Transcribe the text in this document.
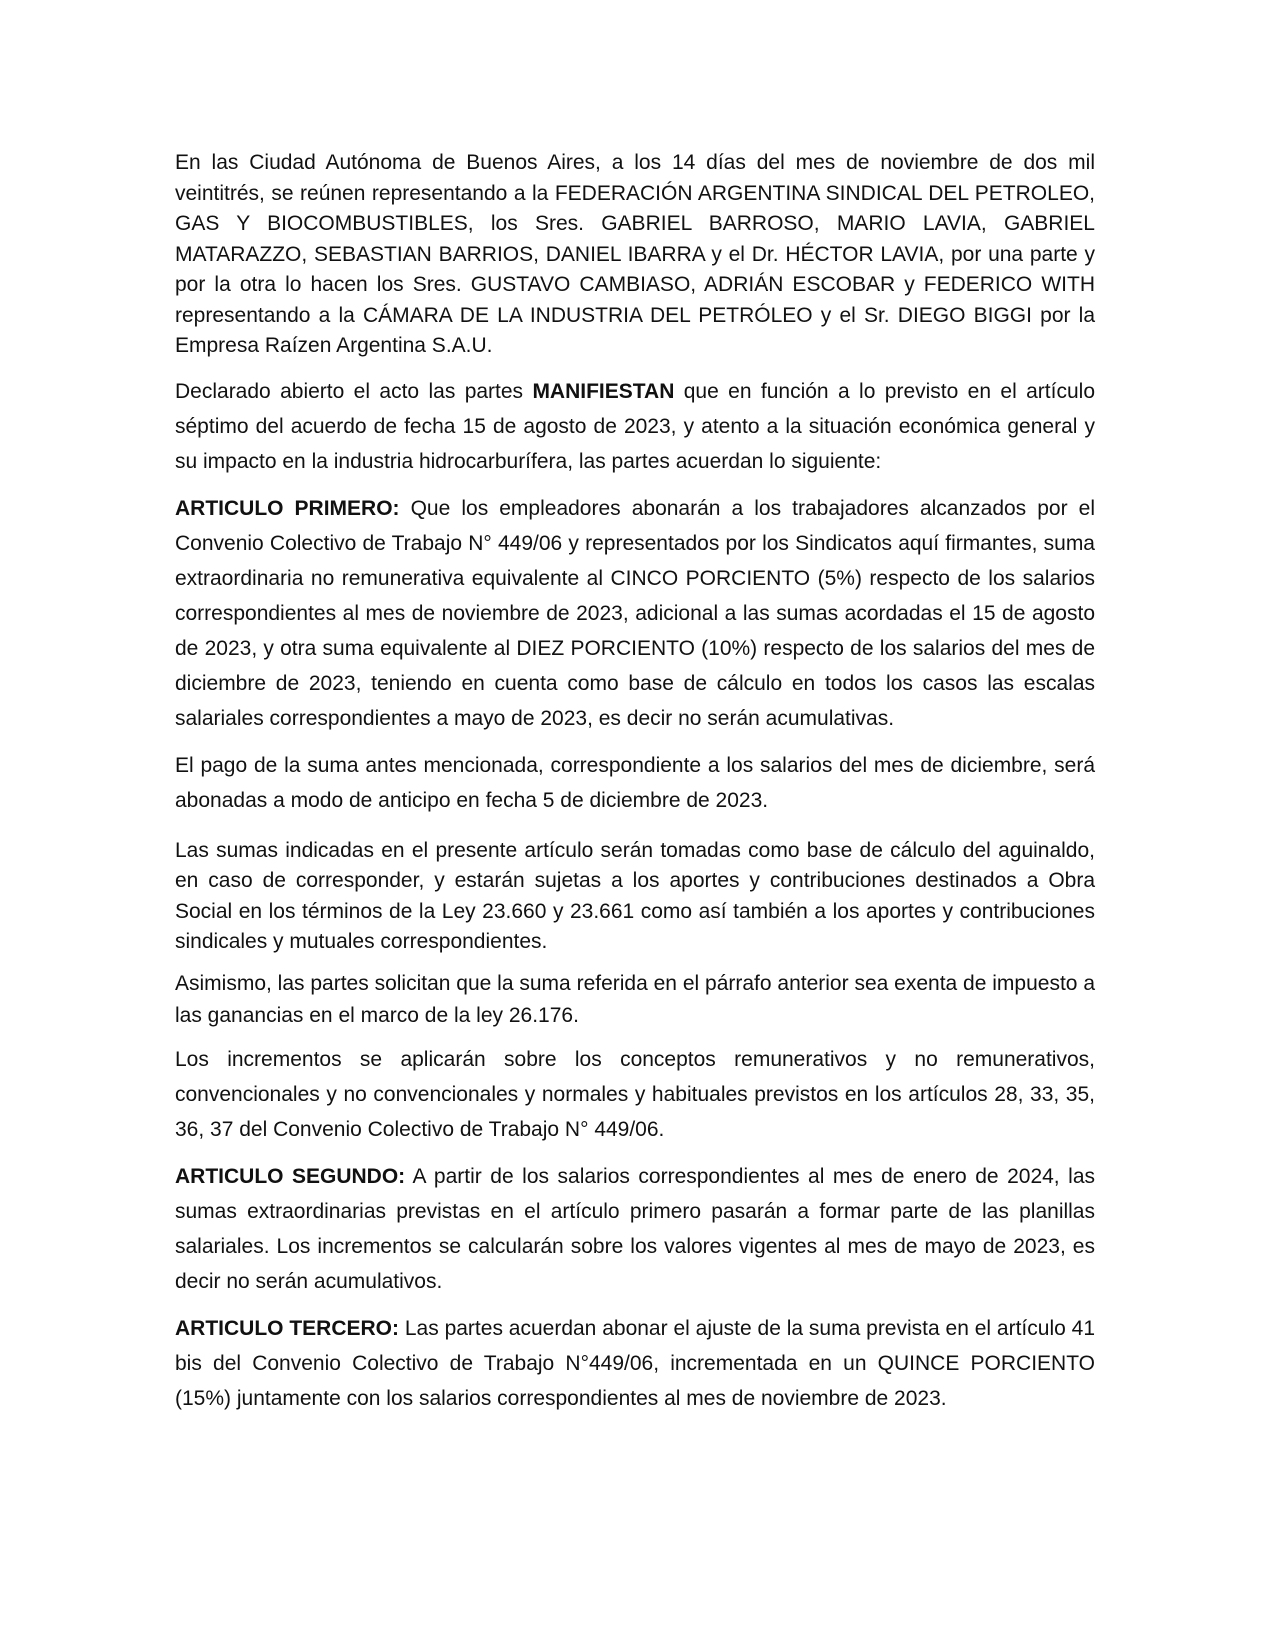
En las Ciudad Autónoma de Buenos Aires, a los 14 días del mes de noviembre de dos mil veintitrés, se reúnen representando a la FEDERACIÓN ARGENTINA SINDICAL DEL PETROLEO, GAS Y BIOCOMBUSTIBLES, los Sres. GABRIEL BARROSO, MARIO LAVIA, GABRIEL MATARAZZO, SEBASTIAN BARRIOS, DANIEL IBARRA y el Dr. HÉCTOR LAVIA, por una parte y por la otra lo hacen los Sres. GUSTAVO CAMBIASO, ADRIÁN ESCOBAR y FEDERICO WITH representando a la CÁMARA DE LA INDUSTRIA DEL PETRÓLEO y el Sr. DIEGO BIGGI por la Empresa Raízen Argentina S.A.U.

Declarado abierto el acto las partes MANIFIESTAN que en función a lo previsto en el artículo séptimo del acuerdo de fecha 15 de agosto de 2023, y atento a la situación económica general y su impacto en la industria hidrocarburífera, las partes acuerdan lo siguiente:

ARTICULO PRIMERO: Que los empleadores abonarán a los trabajadores alcanzados por el Convenio Colectivo de Trabajo N° 449/06 y representados por los Sindicatos aquí firmantes, suma extraordinaria no remunerativa equivalente al CINCO PORCIENTO (5%) respecto de los salarios correspondientes al mes de noviembre de 2023, adicional a las sumas acordadas el 15 de agosto de 2023, y otra suma equivalente al DIEZ PORCIENTO (10%) respecto de los salarios del mes de diciembre de 2023, teniendo en cuenta como base de cálculo en todos los casos las escalas salariales correspondientes a mayo de 2023, es decir no serán acumulativas.

El pago de la suma antes mencionada, correspondiente a los salarios del mes de diciembre, será abonadas a modo de anticipo en fecha 5 de diciembre de 2023.

Las sumas indicadas en el presente artículo serán tomadas como base de cálculo del aguinaldo, en caso de corresponder, y estarán sujetas a los aportes y contribuciones destinados a Obra Social en los términos de la Ley 23.660 y 23.661 como así también a los aportes y contribuciones sindicales y mutuales correspondientes.

Asimismo, las partes solicitan que la suma referida en el párrafo anterior sea exenta de impuesto a las ganancias en el marco de la ley 26.176.

Los incrementos se aplicarán sobre los conceptos remunerativos y no remunerativos, convencionales y no convencionales y normales y habituales previstos en los artículos 28, 33, 35, 36, 37 del Convenio Colectivo de Trabajo N° 449/06.

ARTICULO SEGUNDO: A partir de los salarios correspondientes al mes de enero de 2024, las sumas extraordinarias previstas en el artículo primero pasarán a formar parte de las planillas salariales. Los incrementos se calcularán sobre los valores vigentes al mes de mayo de 2023, es decir no serán acumulativos.

ARTICULO TERCERO: Las partes acuerdan abonar el ajuste de la suma prevista en el artículo 41 bis del Convenio Colectivo de Trabajo N°449/06, incrementada en un QUINCE PORCIENTO (15%) juntamente con los salarios correspondientes al mes de noviembre de 2023.
